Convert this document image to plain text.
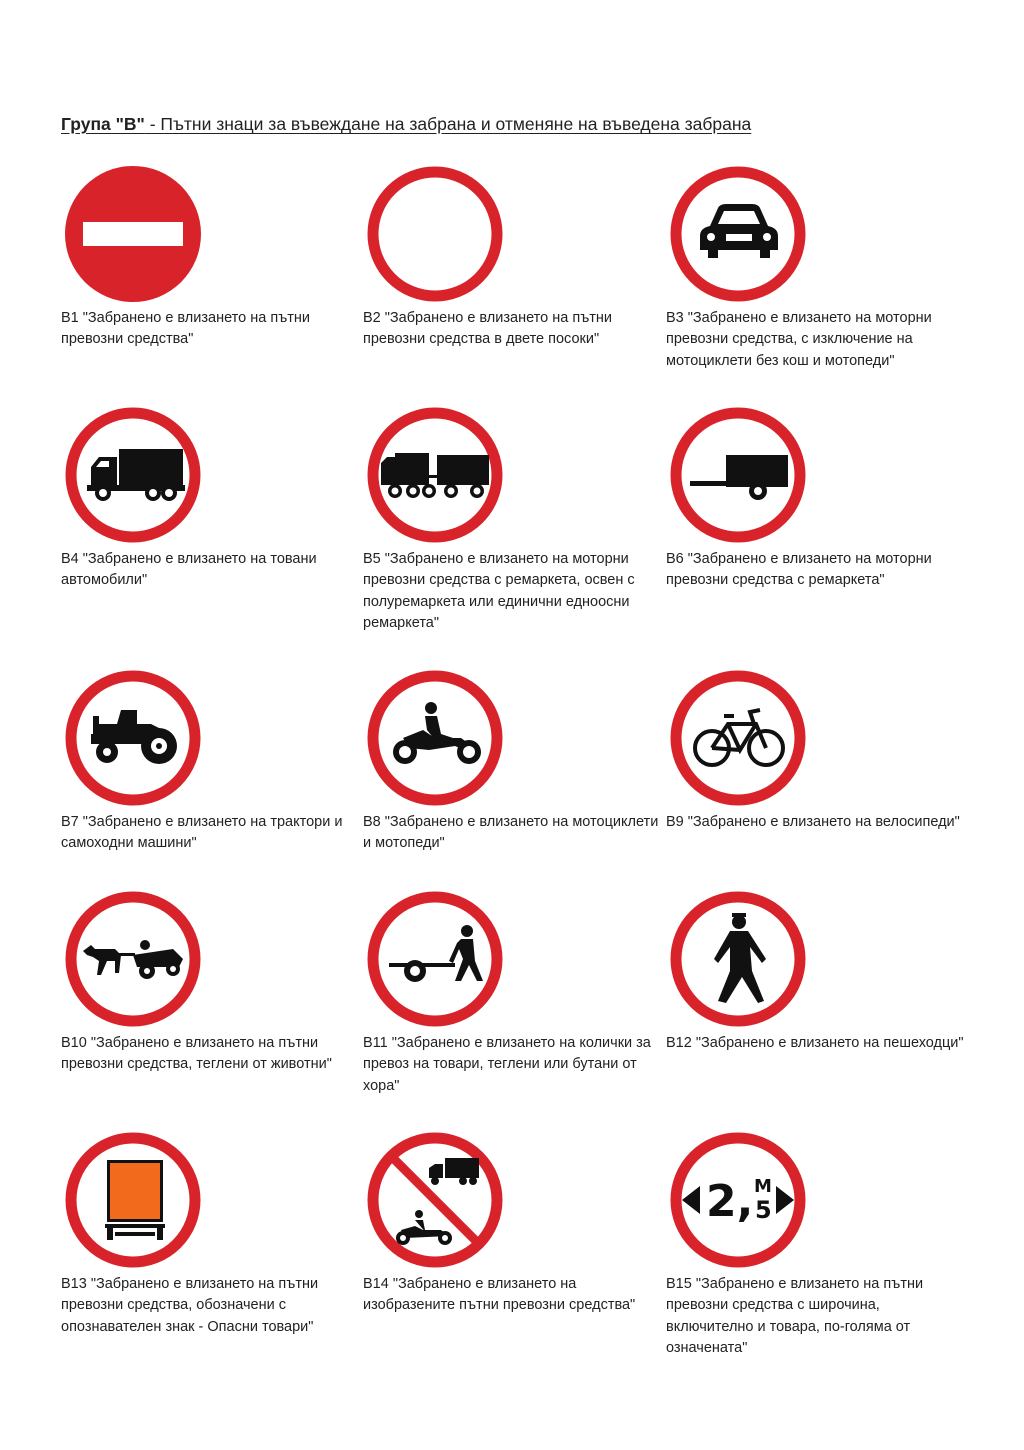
Група "В" - Пътни знаци за въвеждане на забрана и отменяне на въведена забрана
В1 "Забранено е влизането на пътни превозни средства"
В2 "Забранено е влизането на пътни превозни средства в двете посоки"
В3 "Забранено е влизането на моторни превозни средства, с изключение на мотоциклети без кош и мотопеди"
В4 "Забранено е влизането на товани автомобили"
В5 "Забранено е влизането на моторни превозни средства с ремаркета, освен с полуремаркета или единични едноосни ремаркета"
В6 "Забранено е влизането на моторни превозни средства с ремаркета"
В7 "Забранено е влизането на трактори и самоходни машини"
В8 "Забранено е влизането на мотоциклети и мотопеди"
В9 "Забранено е влизането на велосипеди"
В10 "Забранено е влизането на пътни превозни средства, теглени от животни"
В11 "Забранено е влизането на колички за превоз на товари, теглени или бутани от хора"
В12 "Забранено е влизането на пешеходци"
В13 "Забранено е влизането на пътни превозни средства, обозначени с опознавателен знак - Опасни товари"
В14 "Забранено е влизането на изобразените пътни превозни средства"
2, М
5
В15 "Забранено е влизането на пътни превозни средства с широчина, включително и товара, по-голяма от означената"
